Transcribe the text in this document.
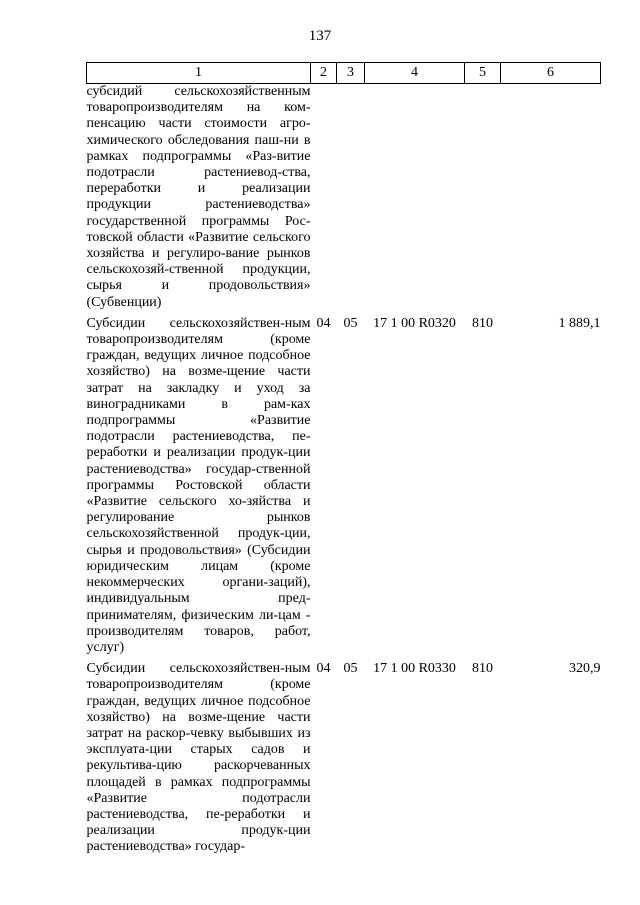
137
1	2	3	4	5	6
субсидий сельскохозяйственным товаропроизводителям на ком-пенсацию части стоимости агро-химического обследования паш-ни в рамках подпрограммы «Раз-витие подотрасли растениевод-ства, переработки и реализации продукции растениеводства» государственной программы Рос-товской области «Развитие сельского хозяйства и регулиро-вание рынков сельскохозяй-ственной продукции, сырья и продовольствия» (Субвенции)					

Субсидии сельскохозяйствен-ным товаропроизводителям (кроме граждан, ведущих личное подсобное хозяйство) на возме-щение части затрат на закладку и уход за виноградниками в рам-ках подпрограммы «Развитие подотрасли растениеводства, пе-реработки и реализации продук-ции растениеводства» государ-ственной программы Ростовской области «Развитие сельского хо-зяйства и регулирование рынков сельскохозяйственной продук-ции, сырья и продовольствия» (Субсидии юридическим лицам (кроме некоммерческих органи-заций), индивидуальным пред-принимателям, физическим ли-цам - производителям товаров, работ, услуг)	04	05	17 1 00 R0320	810	1 889,1

Субсидии сельскохозяйствен-ным товаропроизводителям (кроме граждан, ведущих личное подсобное хозяйство) на возме-щение части затрат на раскор-чевку выбывших из эксплуата-ции старых садов и рекультива-цию раскорчеванных площадей в рамках подпрограммы «Развитие подотрасли растениеводства, пе-реработки и реализации продук-ции растениеводства» государ-	04	05	17 1 00 R0330	810	320,9
